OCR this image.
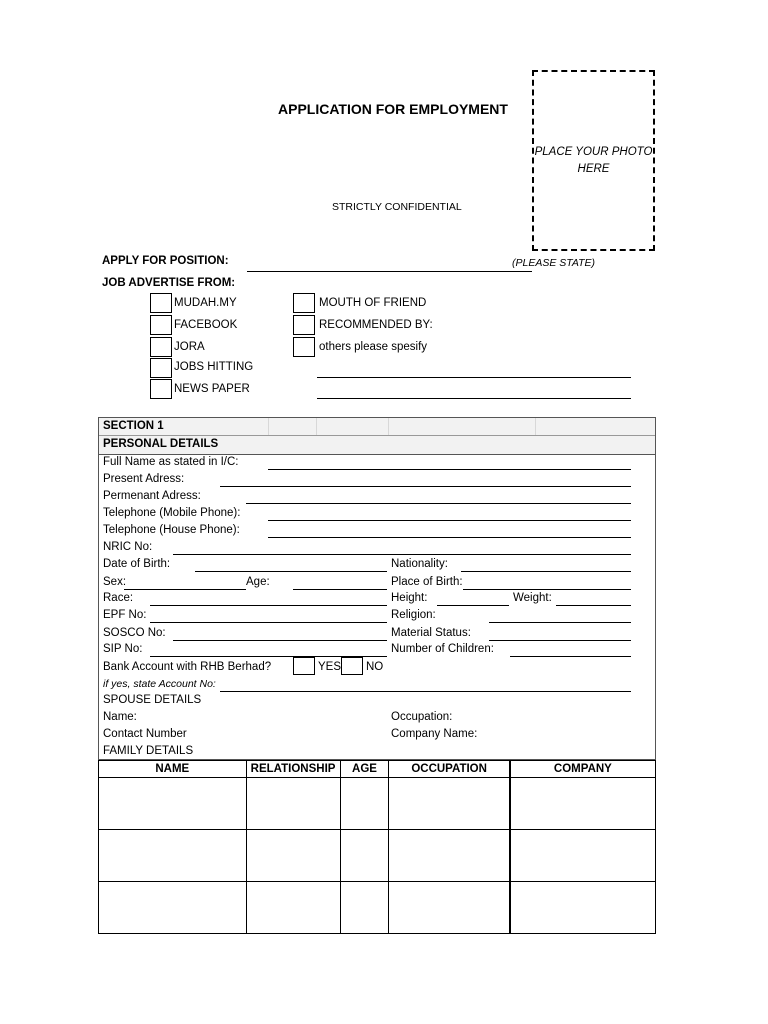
APPLICATION FOR EMPLOYMENT
STRICTLY CONFIDENTIAL
PLACE YOUR PHOTO HERE
APPLY FOR POSITION:	(PLEASE STATE)
JOB ADVERTISE FROM:
MUDAH.MY
FACEBOOK
JORA
JOBS HITTING
NEWS PAPER
MOUTH OF FRIEND
RECOMMENDED BY:
others please spesify
SECTION 1
PERSONAL DETAILS
Full Name as stated in I/C:
Present Adress:
Permenant Adress:
Telephone (Mobile Phone):
Telephone (House Phone):
NRIC No:
Date of Birth:	Nationality:
Sex:	Age:	Place of Birth:
Race:	Height:	Weight:
EPF No:	Religion:
SOSCO No:	Material Status:
SIP No:	Number of Children:
Bank Account with RHB Berhad?	YES NO
if yes, state Account No:
SPOUSE DETAILS
Name:	Occupation:
Contact Number	Company Name:
FAMILY DETAILS
NAME	RELATIONSHIP	AGE	OCCUPATION	COMPANY
